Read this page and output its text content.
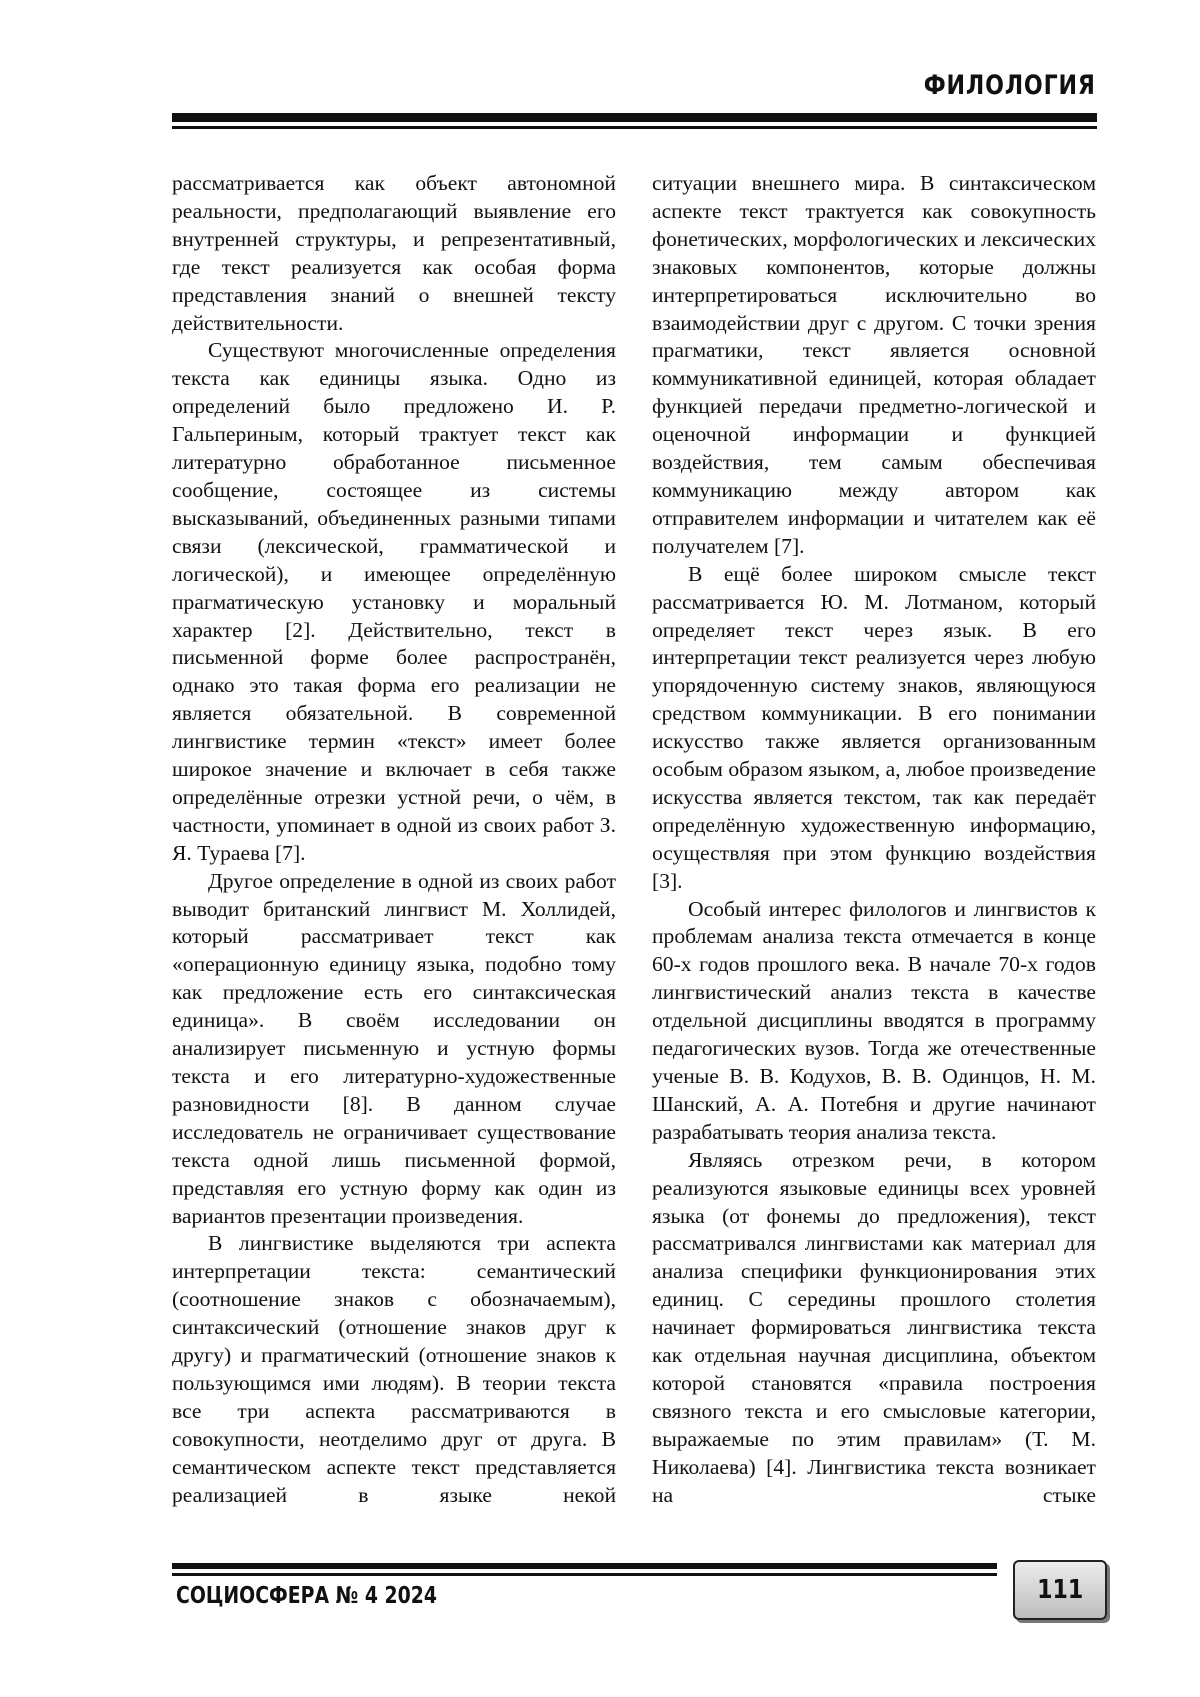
ФИЛОЛОГИЯ

рассматривается как объект автономной реальности, предполагающий выявление его внутренней структуры, и репрезентативный, где текст реализуется как особая форма представления знаний о внешней тексту действительности.

Существуют многочисленные определения текста как единицы языка. Одно из определений было предложено И. Р. Гальпериным, который трактует текст как литературно обработанное письменное сообщение, состоящее из системы высказываний, объединенных разными типами связи (лексической, грамматической и логической), и имеющее определённую прагматическую установку и моральный характер [2]. Действительно, текст в письменной форме более распространён, однако это такая форма его реализации не является обязательной. В современной лингвистике термин «текст» имеет более широкое значение и включает в себя также определённые отрезки устной речи, о чём, в частности, упоминает в одной из своих работ З. Я. Тураева [7].

Другое определение в одной из своих работ выводит британский лингвист М. Холлидей, который рассматривает текст как «операционную единицу языка, подобно тому как предложение есть его синтаксическая единица». В своём исследовании он анализирует письменную и устную формы текста и его литературно-художественные разновидности [8]. В данном случае исследователь не ограничивает существование текста одной лишь письменной формой, представляя его устную форму как один из вариантов презентации произведения.

В лингвистике выделяются три аспекта интерпретации текста: семантический (соотношение знаков с обозначаемым), синтаксический (отношение знаков друг к другу) и прагматический (отношение знаков к пользующимся ими людям). В теории текста все три аспекта рассматриваются в совокупности, неотделимо друг от друга. В семантическом аспекте текст представляется реализацией в языке некой

ситуации внешнего мира. В синтаксическом аспекте текст трактуется как совокупность фонетических, морфологических и лексических знаковых компонентов, которые должны интерпретироваться исключительно во взаимодействии друг с другом. С точки зрения прагматики, текст является основной коммуникативной единицей, которая обладает функцией передачи предметно-логической и оценочной информации и функцией воздействия, тем самым обеспечивая коммуникацию между автором как отправителем информации и читателем как её получателем [7].

В ещё более широком смысле текст рассматривается Ю. М. Лотманом, который определяет текст через язык. В его интерпретации текст реализуется через любую упорядоченную систему знаков, являющуюся средством коммуникации. В его понимании искусство также является организованным особым образом языком, а, любое произведение искусства является текстом, так как передаёт определённую художественную информацию, осуществляя при этом функцию воздействия [3].

Особый интерес филологов и лингвистов к проблемам анализа текста отмечается в конце 60-х годов прошлого века. В начале 70-х годов лингвистический анализ текста в качестве отдельной дисциплины вводятся в программу педагогических вузов. Тогда же отечественные ученые В. В. Кодухов, В. В. Одинцов, Н. М. Шанский, А. А. Потебня и другие начинают разрабатывать теория анализа текста.

Являясь отрезком речи, в котором реализуются языковые единицы всех уровней языка (от фонемы до предложения), текст рассматривался лингвистами как материал для анализа специфики функционирования этих единиц. С середины прошлого столетия начинает формироваться лингвистика текста как отдельная научная дисциплина, объектом которой становятся «правила построения связного текста и его смысловые категории, выражаемые по этим правилам» (Т. М. Николаева) [4]. Лингвистика текста возникает на стыке

СОЦИОСФЕРА № 4 2024	111
